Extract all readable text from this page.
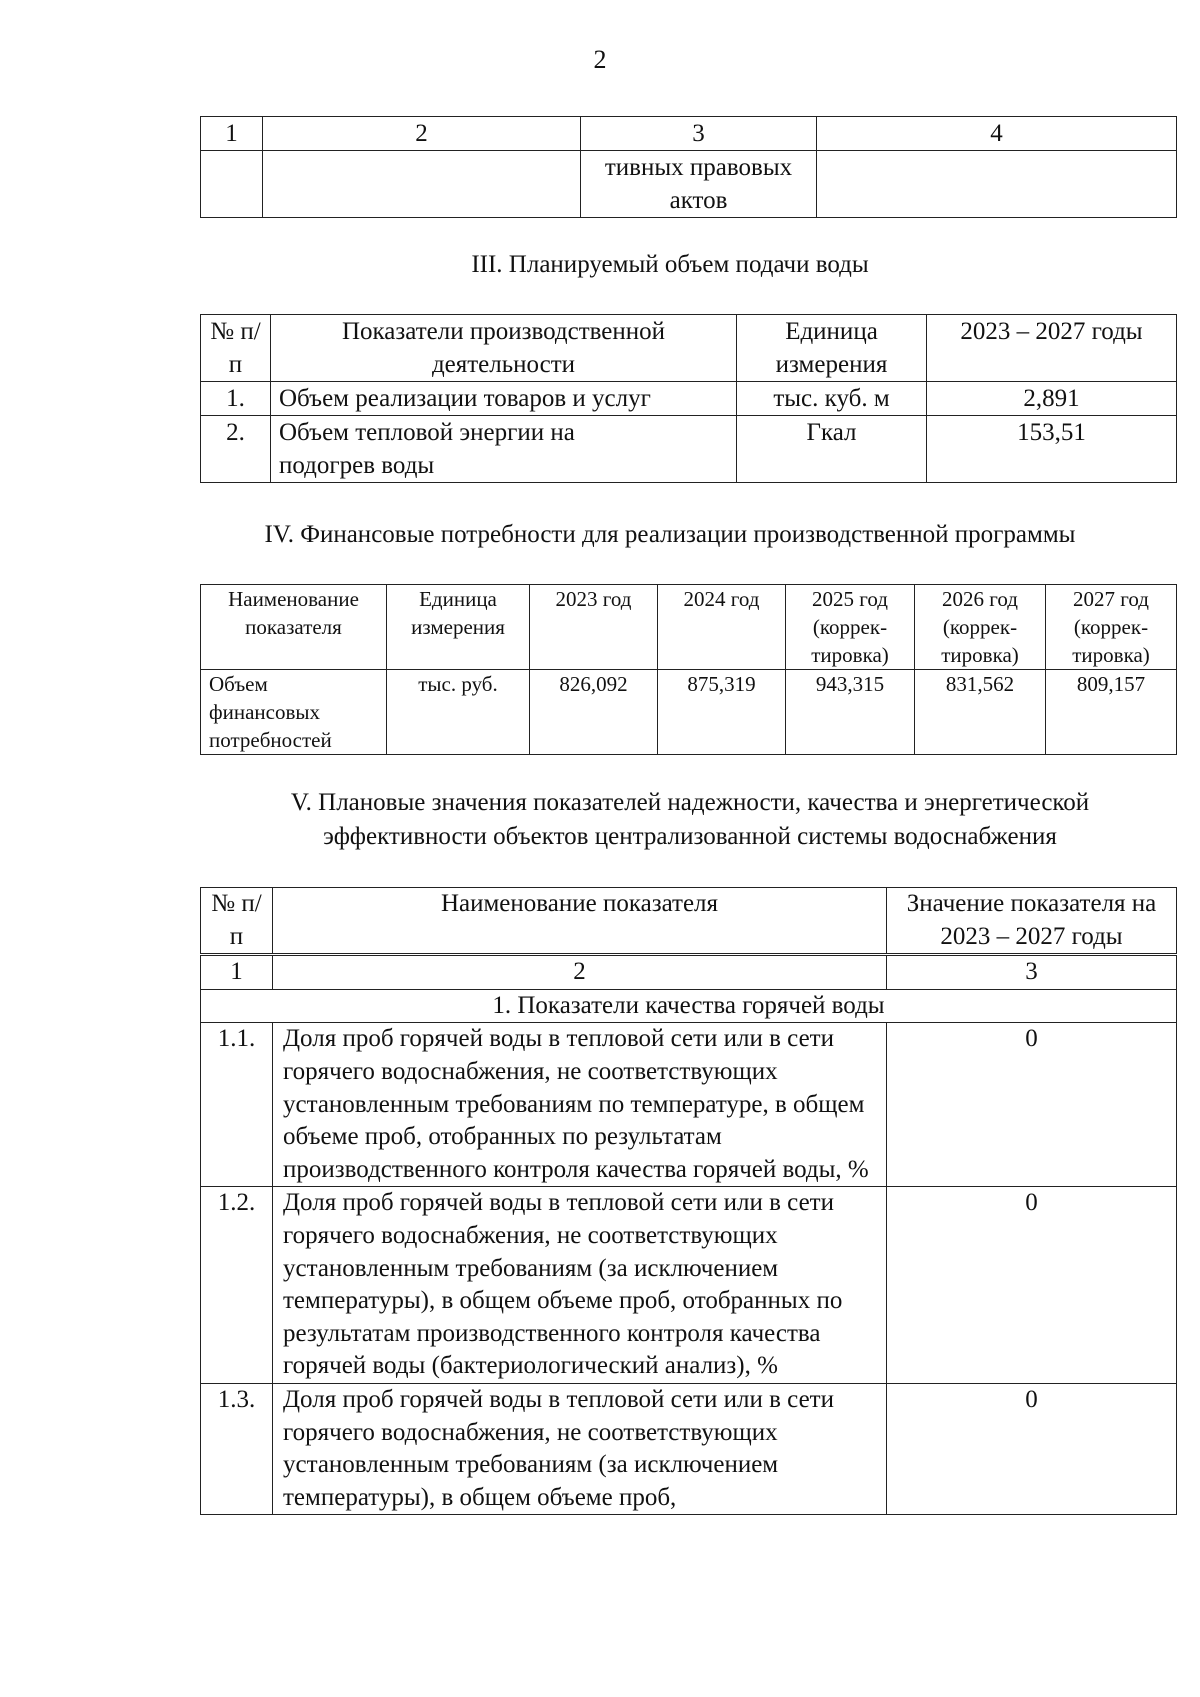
2
1	2	3	4
		тивных правовых актов	
III. Планируемый объем подачи воды
№ п/п	Показатели производственной деятельности	Единица измерения	2023 – 2027 годы
1.	Объем реализации товаров и услуг	тыс. куб. м	2,891
2.	Объем тепловой энергии на подогрев воды	Гкал	153,51
IV. Финансовые потребности для реализации производственной программы
Наименование показателя	Единица измерения	2023 год	2024 год	2025 год (коррек-тировка)	2026 год (коррек-тировка)	2027 год (коррек-тировка)
Объем финансовых потребностей	тыс. руб.	826,092	875,319	943,315	831,562	809,157
V. Плановые значения показателей надежности, качества и энергетической эффективности объектов централизованной системы водоснабжения
№ п/п	Наименование показателя	Значение показателя на 2023 – 2027 годы
1	2	3
1. Показатели качества горячей воды		
1.1.	Доля проб горячей воды в тепловой сети или в сети горячего водоснабжения, не соответствующих установленным требованиям по температуре, в общем объеме проб, отобранных по результатам производственного контроля качества горячей воды, %	0
1.2.	Доля проб горячей воды в тепловой сети или в сети горячего водоснабжения, не соответствующих установленным требованиям (за исключением температуры), в общем объеме проб, отобранных по результатам производственного контроля качества горячей воды (бактериологический анализ), %	0
1.3.	Доля проб горячей воды в тепловой сети или в сети горячего водоснабжения, не соответствующих установленным требованиям (за исключением температуры), в общем объеме проб,	0
